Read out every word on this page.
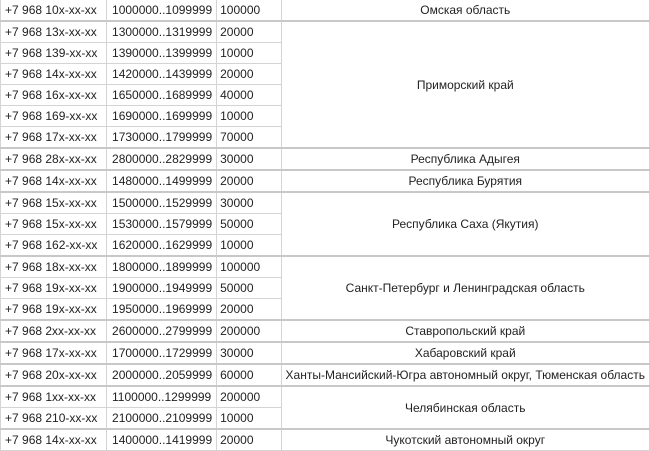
+7 968 10x-xx-xx	1000000..1099999	100000	Омская область
+7 968 13x-xx-xx	1300000..1319999	20000	Приморский край
+7 968 139-xx-xx	1390000..1399999	10000	
+7 968 14x-xx-xx	1420000..1439999	20000	
+7 968 16x-xx-xx	1650000..1689999	40000	
+7 968 169-xx-xx	1690000..1699999	10000	
+7 968 17x-xx-xx	1730000..1799999	70000	
+7 968 28x-xx-xx	2800000..2829999	30000	Республика Адыгея
+7 968 14x-xx-xx	1480000..1499999	20000	Республика Бурятия
+7 968 15x-xx-xx	1500000..1529999	30000	Республика Саха (Якутия)
+7 968 15x-xx-xx	1530000..1579999	50000	
+7 968 162-xx-xx	1620000..1629999	10000	
+7 968 18x-xx-xx	1800000..1899999	100000	Санкт-Петербург и Ленинградская область
+7 968 19x-xx-xx	1900000..1949999	50000	
+7 968 19x-xx-xx	1950000..1969999	20000	
+7 968 2xx-xx-xx	2600000..2799999	200000	Ставропольский край
+7 968 17x-xx-xx	1700000..1729999	30000	Хабаровский край
+7 968 20x-xx-xx	2000000..2059999	60000	Ханты-Мансийский-Югра автономный округ, Тюменская область
+7 968 1xx-xx-xx	1100000..1299999	200000	Челябинская область
+7 968 210-xx-xx	2100000..2109999	10000	
+7 968 14x-xx-xx	1400000..1419999	20000	Чукотский автономный округ
